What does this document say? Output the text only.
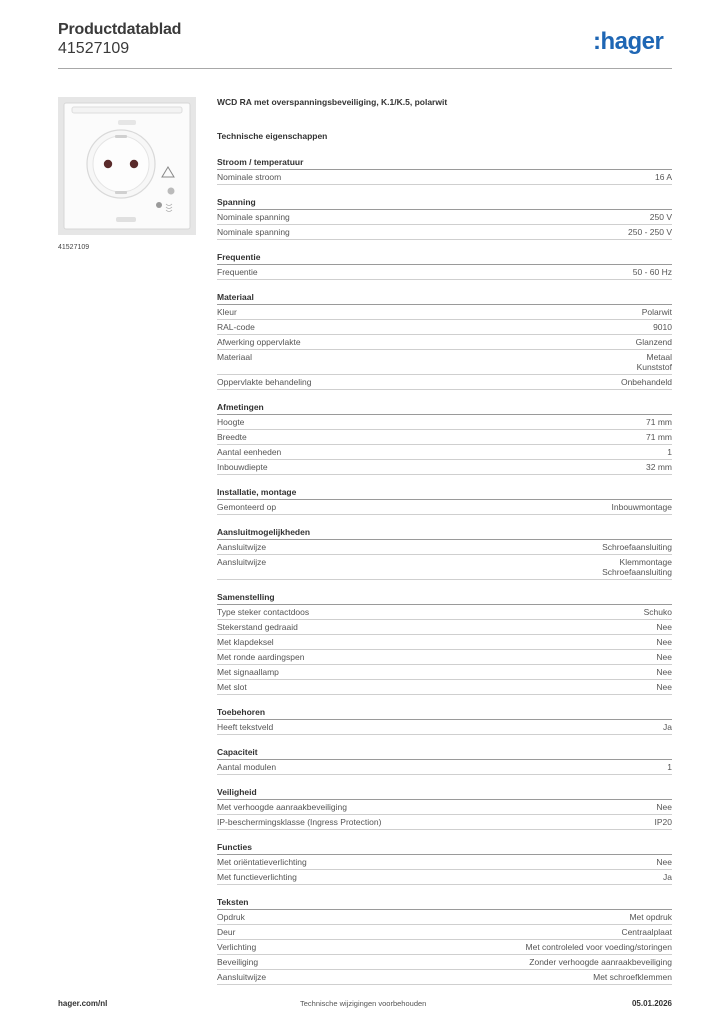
Productdatablad
41527109	:hager
41527109
WCD RA met overspanningsbeveiliging, K.1/K.5, polarwit
Technische eigenschappen
Stroom / temperatuur
Nominale stroom	16 A
Spanning
Nominale spanning	250 V
Nominale spanning	250 - 250 V
Frequentie
Frequentie	50 - 60 Hz
Materiaal
Kleur	Polarwit
RAL-code	9010
Afwerking oppervlakte	Glanzend
Materiaal	Metaal
Kunststof
Oppervlakte behandeling	Onbehandeld
Afmetingen
Hoogte	71 mm
Breedte	71 mm
Aantal eenheden	1
Inbouwdiepte	32 mm
Installatie, montage
Gemonteerd op	Inbouwmontage
Aansluitmogelijkheden
Aansluitwijze	Schroefaansluiting
Aansluitwijze	Klemmontage
Schroefaansluiting
Samenstelling
Type steker contactdoos	Schuko
Stekerstand gedraaid	Nee
Met klapdeksel	Nee
Met ronde aardingspen	Nee
Met signaallamp	Nee
Met slot	Nee
Toebehoren
Heeft tekstveld	Ja
Capaciteit
Aantal modulen	1
Veiligheid
Met verhoogde aanraakbeveiliging	Nee
IP-beschermingsklasse (Ingress Protection)	IP20
Functies
Met oriëntatieverlichting	Nee
Met functieverlichting	Ja
Teksten
Opdruk	Met opdruk
Deur	Centraalplaat
Verlichting	Met controleled voor voeding/storingen
Beveiliging	Zonder verhoogde aanraakbeveiliging
Aansluitwijze	Met schroefklemmen
hager.com/nl	Technische wijzigingen voorbehouden	05.01.2026
